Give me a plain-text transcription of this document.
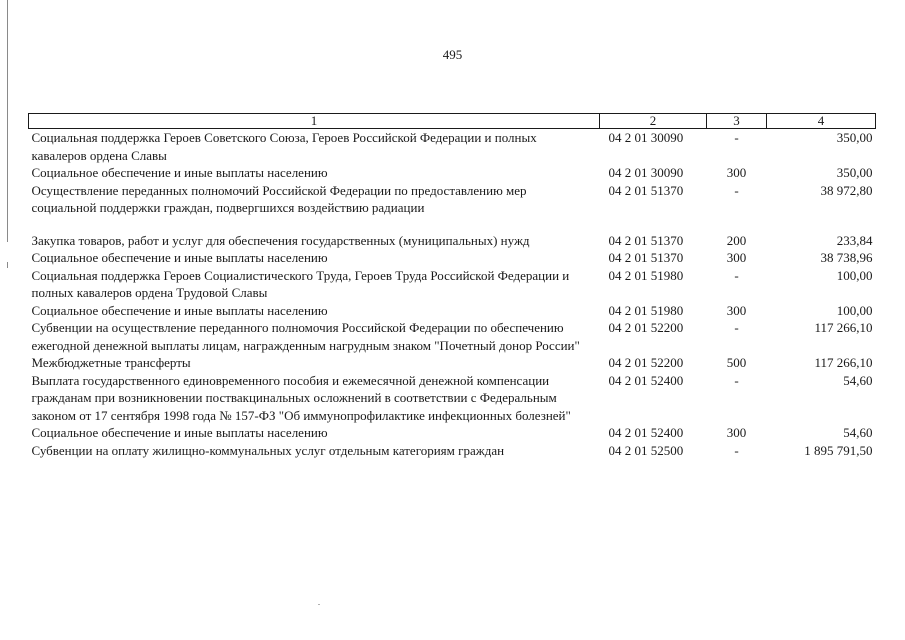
495
1	2	3	4
Социальная поддержка Героев Советского Союза, Героев Российской Федерации и полных кавалеров ордена Славы	04 2 01 30090	-	350,00
Социальное обеспечение и иные выплаты населению	04 2 01 30090	300	350,00
Осуществление переданных полномочий Российской Федерации по предоставлению мер социальной поддержки граждан, подвергшихся воздействию радиации	04 2 01 51370	-	38 972,80

Закупка товаров, работ и услуг для обеспечения государственных (муниципальных) нужд	04 2 01 51370	200	233,84
Социальное обеспечение и иные выплаты населению	04 2 01 51370	300	38 738,96
Социальная поддержка Героев Социалистического Труда, Героев Труда Российской Федерации и полных кавалеров ордена Трудовой Славы	04 2 01 51980	-	100,00
Социальное обеспечение и иные выплаты населению	04 2 01 51980	300	100,00
Субвенции на осуществление переданного полномочия Российской Федерации по обеспечению ежегодной денежной выплаты лицам, награжденным нагрудным знаком "Почетный донор России"	04 2 01 52200	-	117 266,10
Межбюджетные трансферты	04 2 01 52200	500	117 266,10
Выплата государственного единовременного пособия и ежемесячной денежной компенсации гражданам при возникновении поствакцинальных осложнений в соответствии с Федеральным законом от 17 сентября 1998 года № 157-ФЗ "Об иммунопрофилактике инфекционных болезней"	04 2 01 52400	-	54,60
Социальное обеспечение и иные выплаты населению	04 2 01 52400	300	54,60
Субвенции на оплату жилищно-коммунальных услуг отдельным категориям граждан	04 2 01 52500	-	1 895 791,50
